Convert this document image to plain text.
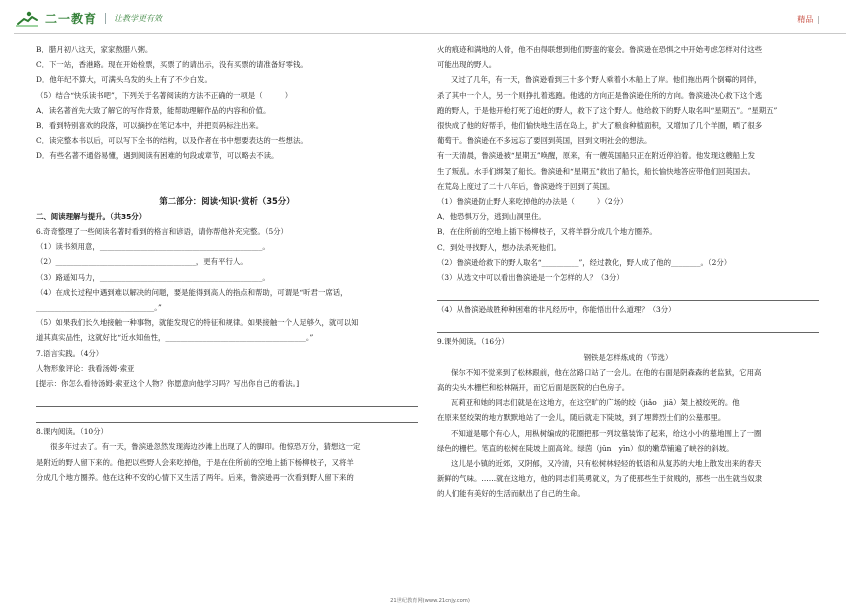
二一教育 让教学更有效	精品 |
B．腊月初八这天，家家熬腊八粥。
C．下一站，香港路。现在开始检票，买票了的请出示，没有买票的请准备好零钱。
D．他年纪不算大，可满头乌发的头上有了不少白发。
（5）结合“快乐读书吧”，下列关于名著阅读的方法不正确的一项是（　　　）
A．读名著首先大致了解它的写作背景，能帮助理解作品的内容和价值。
B．看到特别喜欢的段落，可以摘抄在笔记本中，并把页码标注出来。
C．读完整本书以后，可以写下全书的结构，以及作者在书中想要表达的一些想法。
D．有些名著不通俗易懂，遇到阅读有困难的句段或章节，可以略去不读。
第二部分：阅读·知识·赏析（35分）
二、阅读理解与提升。（共35分）
6.奇奇整理了一些阅读名著时看到的格言和谚语，请你帮他补充完整。（5分）
（1）读书须用意，____________________________________________。
（2）______________________________________，更有平行人。
（3）路遥知马力，____________________________________________。
（4）在成长过程中遇到难以解决的问题，要是能得到高人的指点和帮助，可谓是“听君一席话，
________________________________。”
（5）如果我们长久地接触一种事物，就能发现它的特征和规律。如果接触一个人足够久，就可以知
道其真实品性，这就好比“近水知鱼性，______________________________________。”
7.语言实践。（4分）
人物形象评论：我看汤姆·索亚
[提示：你怎么看待汤姆·索亚这个人物？你愿意向他学习吗？写出你自己的看法。]
8.课内阅读。（10分）
很多年过去了。有一天，鲁滨逊忽然发现海边沙滩上出现了人的脚印。他惊恐万分，猜想这一定
是附近的野人留下来的。他把以些野人会来吃掉他，于是在住所前的空地上插下杨柳枝子，又将羊
分成几个地方圈养。他在这种不安的心情下又生活了两年。后来，鲁滨逊再一次看到野人留下来的
火的痕迹和满地的人骨，他不由得联想到他们野蛮的宴会。鲁滨逊在恐惧之中开始考虑怎样对付这些
可能出现的野人。
又过了几年，有一天，鲁滨逊看到三十多个野人乘着小木船上了岸。他们拖出两个倒霉的同伴，
杀了其中一个人，另一个则挣扎着逃跑。他逃的方向正是鲁滨逊住所的方向。鲁滨逊决心救下这个逃
跑的野人，于是他开枪打死了追赶的野人，救下了这个野人。他给救下的野人取名叫“星期五”。“星期五”
很快成了他的好帮手，他们愉快地生活在岛上，扩大了粮食种植面积，又增加了几个羊圈，晒了很多
葡萄干。鲁滨逊在不多远忘了要回到英国，回到文明社会的想法。
有一天清晨，鲁滨逊被“星期五”唤醒，原来，有一艘英国船只正在附近停泊着。他发现这艘船上发
生了叛乱。水手们绑架了船长。鲁滨逊和“星期五”救出了船长，船长愉快地答应带他们回英国去。
在荒岛上度过了二十八年后，鲁滨逊终于回到了英国。
（1）鲁滨逊防止野人来吃掉他的办法是（　　　）（2分）
A．他恐惧万分，逃到山洞里住。
B．在住所前的空地上插下杨柳枝子，又将羊群分成几个地方圈养。
C．到处寻找野人，想办法杀死他们。
（2）鲁滨逊给救下的野人取名“__________”，经过教化，野人成了他的________。（2分）
（3）从选文中可以看出鲁滨逊是一个怎样的人？（3分）
（4）从鲁滨逊战胜种种困难的非凡经历中，你能悟出什么道理？（3分）
9.课外阅读。（16分）
钢铁是怎样炼成的（节选）
保尔不知不觉来到了松林跟前，他在岔路口站了一会儿。在他的右面是阴森森的老监狱，它用高
高的尖头木栅栏和松林隔开，而它后面是医院的白色房子。
瓦莉亚和她的同志们就是在这地方，在这空旷的广场的绞（jiǎo　jiā）架上被绞死的。他
在原来竖绞架的地方默默地站了一会儿，随后就走下陡坡，到了埋葬烈士们的公墓那里。
不知道是哪个有心人，用枞树编成的花圈把那一列坟墓装饰了起来，给这小小的墓地围上了一圈
绿色的栅栏。笔直的松树在陡坡上面高耸。绿茵（jūn　yīn）似的嫩草铺遍了峡谷的斜坡。
这儿是小镇的近郊，又阴郁，又冷清，只有松树林轻轻的低语和从复苏的大地上散发出来的春天
新鲜的气味。……就在这地方，他的同志们英勇就义，为了使那些生于贫贱的，那些一出生就当奴隶
的人们能有美好的生活而献出了自己的生命。
21世纪教育网(www.21cnjy.com)
